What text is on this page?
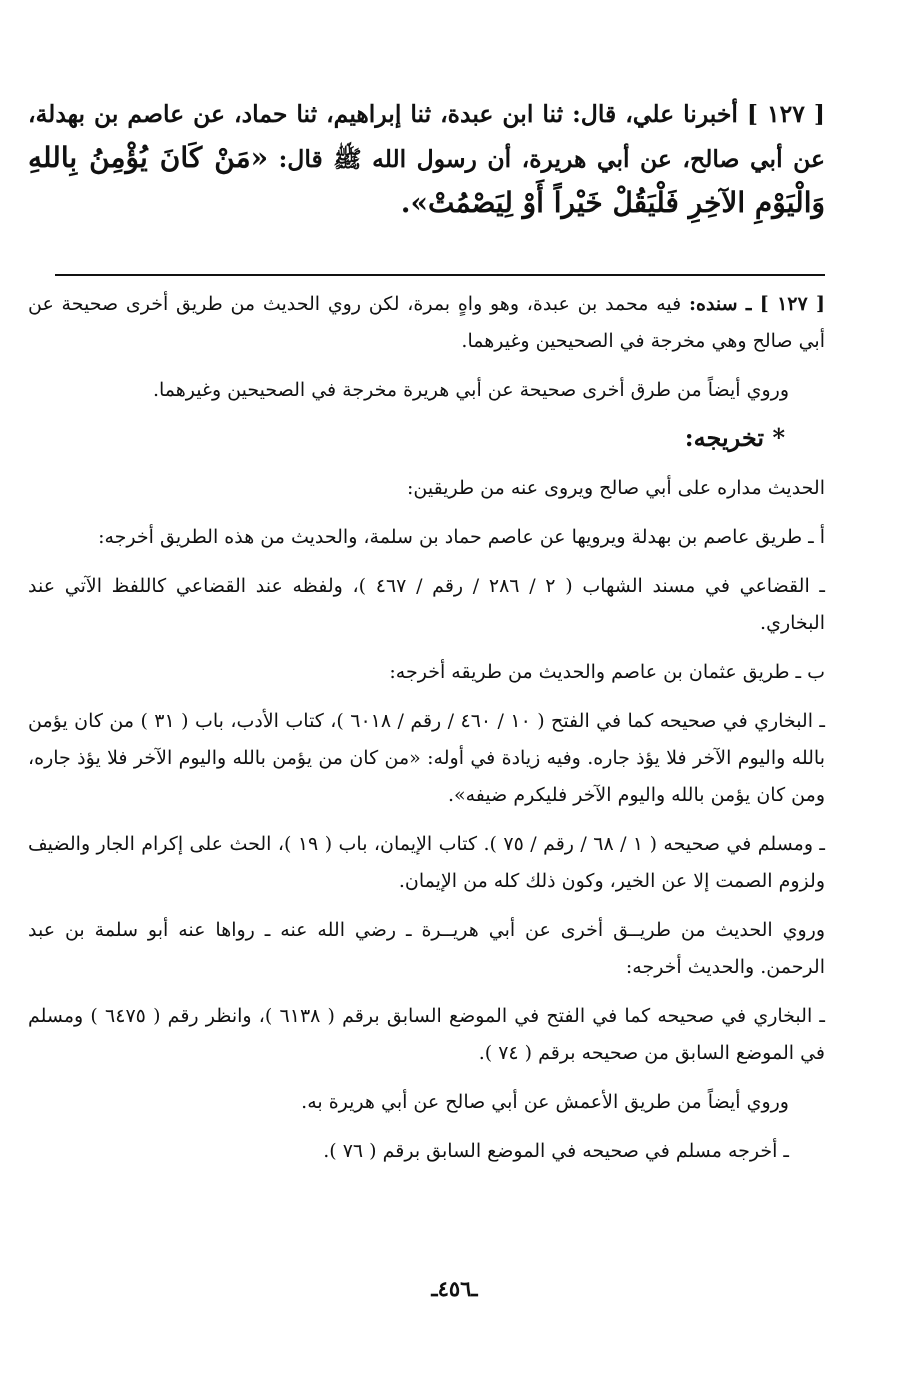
[ ١٢٧ ] أخبرنا علي، قال: ثنا ابن عبدة، ثنا إبراهيم، ثنا حماد، عن عاصم بن بهدلة، عن أبي صالح، عن أبي هريرة، أن رسول الله ﷺ قال: «مَنْ كَانَ يُؤْمِنُ بِاللهِ وَالْيَوْمِ الآخِرِ فَلْيَقُلْ خَيْراً أَوْ لِيَصْمُتْ».

[ ١٢٧ ] ـ سنده: فيه محمد بن عبدة، وهو واهٍ بمرة، لكن روي الحديث من طريق أخرى صحيحة عن أبي صالح وهي مخرجة في الصحيحين وغيرهما.

وروي أيضاً من طرق أخرى صحيحة عن أبي هريرة مخرجة في الصحيحين وغيرهما.

* تخريجه:

الحديث مداره على أبي صالح ويروى عنه من طريقين:

أ ـ طريق عاصم بن بهدلة ويرويها عن عاصم حماد بن سلمة، والحديث من هذه الطريق أخرجه:

ـ القضاعي في مسند الشهاب ( ٢ / ٢٨٦ / رقم / ٤٦٧ )، ولفظه عند القضاعي كاللفظ الآتي عند البخاري.

ب ـ طريق عثمان بن عاصم والحديث من طريقه أخرجه:

ـ البخاري في صحيحه كما في الفتح ( ١٠ / ٤٦٠ / رقم / ٦٠١٨ )، كتاب الأدب، باب ( ٣١ ) من كان يؤمن بالله واليوم الآخر فلا يؤذ جاره. وفيه زيادة في أوله: «من كان من يؤمن بالله واليوم الآخر فلا يؤذ جاره، ومن كان يؤمن بالله واليوم الآخر فليكرم ضيفه».

ـ ومسلم في صحيحه ( ١ / ٦٨ / رقم / ٧٥ ). كتاب الإيمان، باب ( ١٩ )، الحث على إكرام الجار والضيف ولزوم الصمت إلا عن الخير، وكون ذلك كله من الإيمان.

وروي الحديث من طريــق أخرى عن أبي هريــرة ـ رضي الله عنه ـ رواها عنه أبو سلمة بن عبد الرحمن. والحديث أخرجه:

ـ البخاري في صحيحه كما في الفتح في الموضع السابق برقم ( ٦١٣٨ )، وانظر رقم ( ٦٤٧٥ ) ومسلم في الموضع السابق من صحيحه برقم ( ٧٤ ).

وروي أيضاً من طريق الأعمش عن أبي صالح عن أبي هريرة به.

ـ أخرجه مسلم في صحيحه في الموضع السابق برقم ( ٧٦ ).

ـ٤٥٦ـ
